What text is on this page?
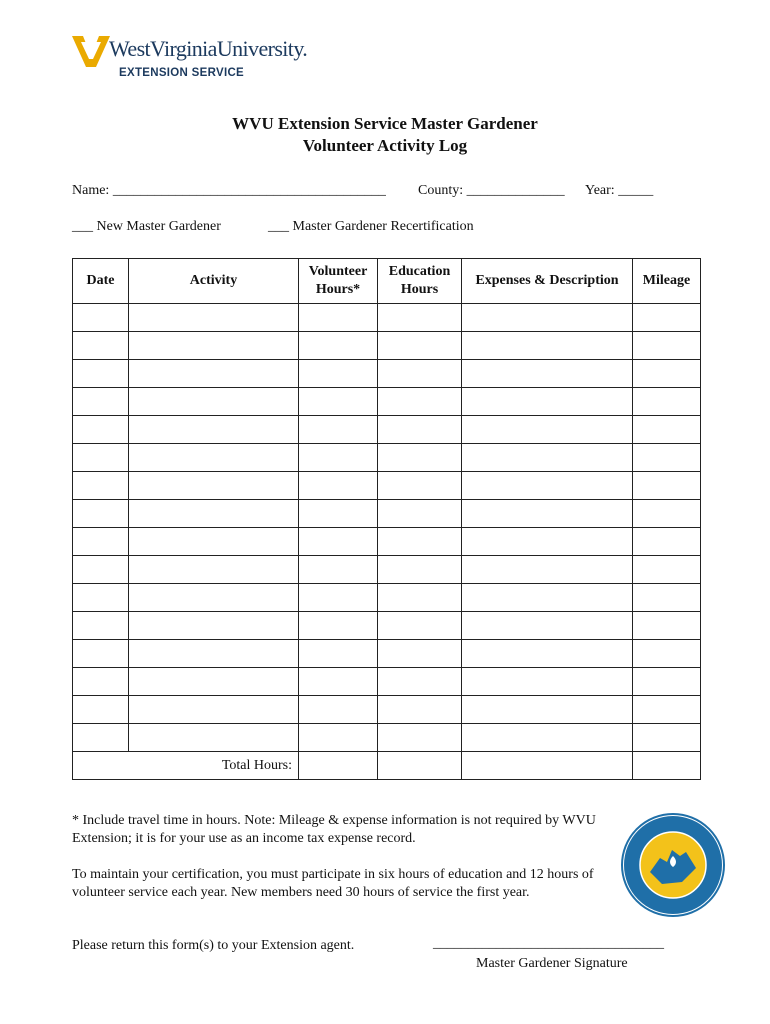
WestVirginiaUniversity.
EXTENSION SERVICE
WVU Extension Service Master Gardener
Volunteer Activity Log
Name: _______________________________________ County: ______________ Year: _____
___ New Master Gardener	___ Master Gardener Recertification
Date	Activity	Volunteer Hours*	Education Hours	Expenses & Description	Mileage

Total Hours:					
* Include travel time in hours. Note: Mileage & expense information is not required by WVU Extension; it is for your use as an income tax expense record.
To maintain your certification, you must participate in six hours of education and 12 hours of volunteer service each year. New members need 30 hours of service the first year.
Please return this form(s) to your Extension agent.	_________________________________
Master Gardener Signature
